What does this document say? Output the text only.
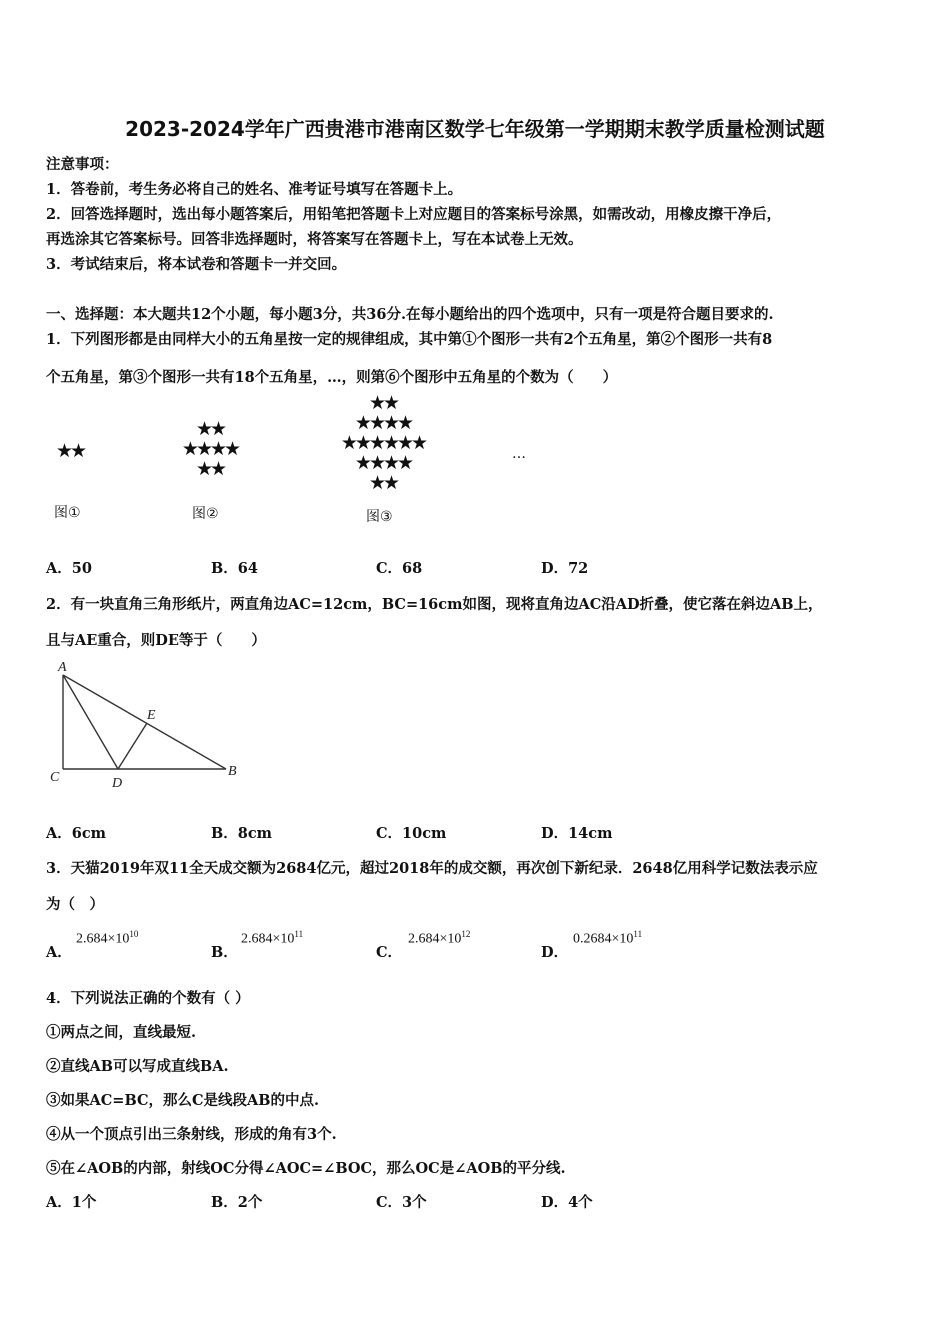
2023-2024学年广西贵港市港南区数学七年级第一学期期末教学质量检测试题
注意事项：
1．答卷前，考生务必将自己的姓名、准考证号填写在答题卡上。
2．回答选择题时，选出每小题答案后，用铅笔把答题卡上对应题目的答案标号涂黑，如需改动，用橡皮擦干净后，
再选涂其它答案标号。回答非选择题时，将答案写在答题卡上，写在本试卷上无效。
3．考试结束后，将本试卷和答题卡一并交回。
一、选择题：本大题共12个小题，每小题3分，共36分.在每小题给出的四个选项中，只有一项是符合题目要求的.
1．下列图形都是由同样大小的五角星按一定的规律组成，其中第①个图形一共有2个五角星，第②个图形一共有8
个五角星，第③个图形一共有18个五角星，…，则第⑥个图形中五角星的个数为（　　）
★★
图①
★★
★★★★
★★
图②
★★
★★★★
★★★★★★
★★★★
★★
图③
…
A．50	B．64	C．68	D．72
2．有一块直角三角形纸片，两直角边AC=12cm，BC=16cm如图，现将直角边AC沿AD折叠，使它落在斜边AB上，
且与AE重合，则DE等于（　　）
A
C	D
E
B
A．6cm	B．8cm	C．10cm	D．14cm
3．天猫2019年双11全天成交额为2684亿元，超过2018年的成交额，再次创下新纪录．2648亿用科学记数法表示应
为（　）
A．
$2.684\times 10^{10}$
B．
$2.684\times 10^{11}$
C．
$2.684\times 10^{12}$
D．
$0.2684\times 10^{11}$
4．下列说法正确的个数有（ ）
①两点之间，直线最短.
②直线AB可以写成直线BA.
③如果AC=BC，那么C是线段AB的中点.
④从一个顶点引出三条射线，形成的角有3个.
⑤在∠AOB的内部，射线OC分得∠AOC=∠BOC，那么OC是∠AOB的平分线.
A．1个	B．2个	C．3个	D．4个
